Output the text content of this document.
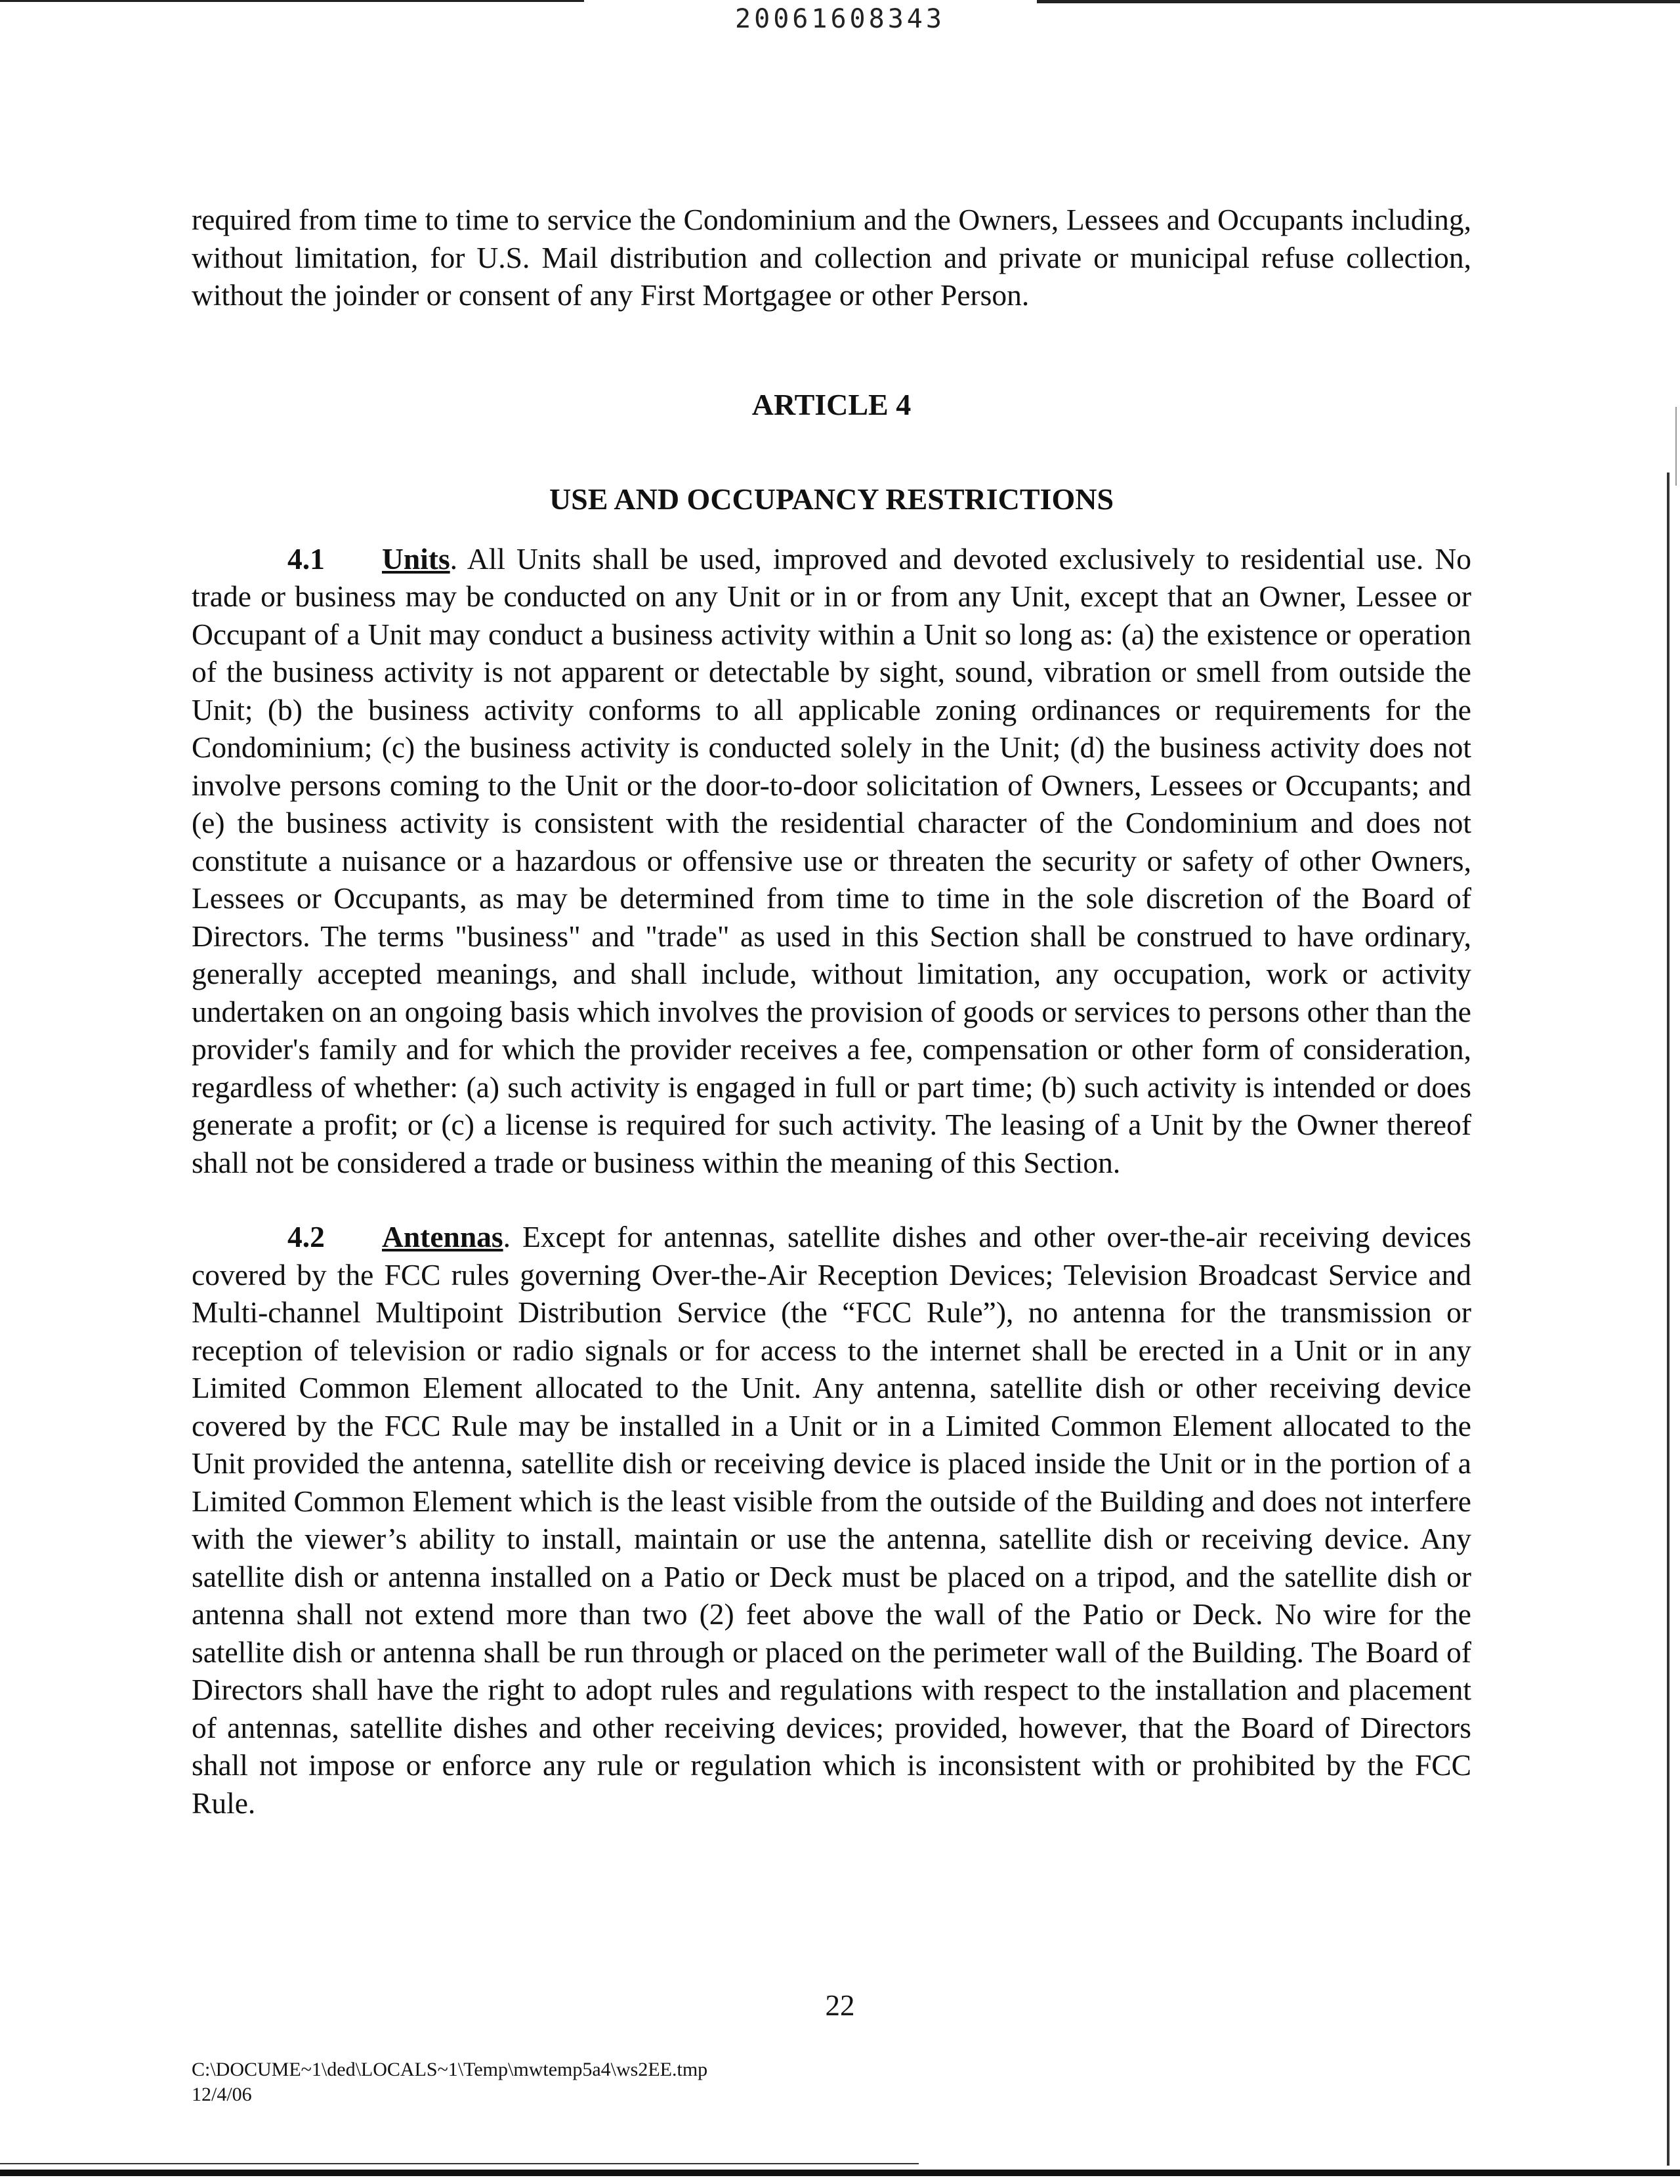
20061608343

required from time to time to service the Condominium and the Owners, Lessees and Occupants including, without limitation, for U.S. Mail distribution and collection and private or municipal refuse collection, without the joinder or consent of any First Mortgagee or other Person.

ARTICLE 4
USE AND OCCUPANCY RESTRICTIONS

4.1 Units. All Units shall be used, improved and devoted exclusively to residential use. No trade or business may be conducted on any Unit or in or from any Unit, except that an Owner, Lessee or Occupant of a Unit may conduct a business activity within a Unit so long as: (a) the existence or operation of the business activity is not apparent or detectable by sight, sound, vibration or smell from outside the Unit; (b) the business activity conforms to all applicable zoning ordinances or requirements for the Condominium; (c) the business activity is conducted solely in the Unit; (d) the business activity does not involve persons coming to the Unit or the door-to-door solicitation of Owners, Lessees or Occupants; and (e) the business activity is consistent with the residential character of the Condominium and does not constitute a nuisance or a hazardous or offensive use or threaten the security or safety of other Owners, Lessees or Occupants, as may be determined from time to time in the sole discretion of the Board of Directors. The terms "business" and "trade" as used in this Section shall be construed to have ordinary, generally accepted meanings, and shall include, without limitation, any occupation, work or activity undertaken on an ongoing basis which involves the provision of goods or services to persons other than the provider's family and for which the provider receives a fee, compensation or other form of consideration, regardless of whether: (a) such activity is engaged in full or part time; (b) such activity is intended or does generate a profit; or (c) a license is required for such activity. The leasing of a Unit by the Owner thereof shall not be considered a trade or business within the meaning of this Section.

4.2 Antennas. Except for antennas, satellite dishes and other over-the-air receiving devices covered by the FCC rules governing Over-the-Air Reception Devices; Television Broadcast Service and Multi-channel Multipoint Distribution Service (the “FCC Rule”), no antenna for the transmission or reception of television or radio signals or for access to the internet shall be erected in a Unit or in any Limited Common Element allocated to the Unit. Any antenna, satellite dish or other receiving device covered by the FCC Rule may be installed in a Unit or in a Limited Common Element allocated to the Unit provided the antenna, satellite dish or receiving device is placed inside the Unit or in the portion of a Limited Common Element which is the least visible from the outside of the Building and does not interfere with the viewer’s ability to install, maintain or use the antenna, satellite dish or receiving device. Any satellite dish or antenna installed on a Patio or Deck must be placed on a tripod, and the satellite dish or antenna shall not extend more than two (2) feet above the wall of the Patio or Deck. No wire for the satellite dish or antenna shall be run through or placed on the perimeter wall of the Building. The Board of Directors shall have the right to adopt rules and regulations with respect to the installation and placement of antennas, satellite dishes and other receiving devices; provided, however, that the Board of Directors shall not impose or enforce any rule or regulation which is inconsistent with or prohibited by the FCC Rule.

22
C:\DOCUME~1\ded\LOCALS~1\Temp\mwtemp5a4\ws2EE.tmp
12/4/06
